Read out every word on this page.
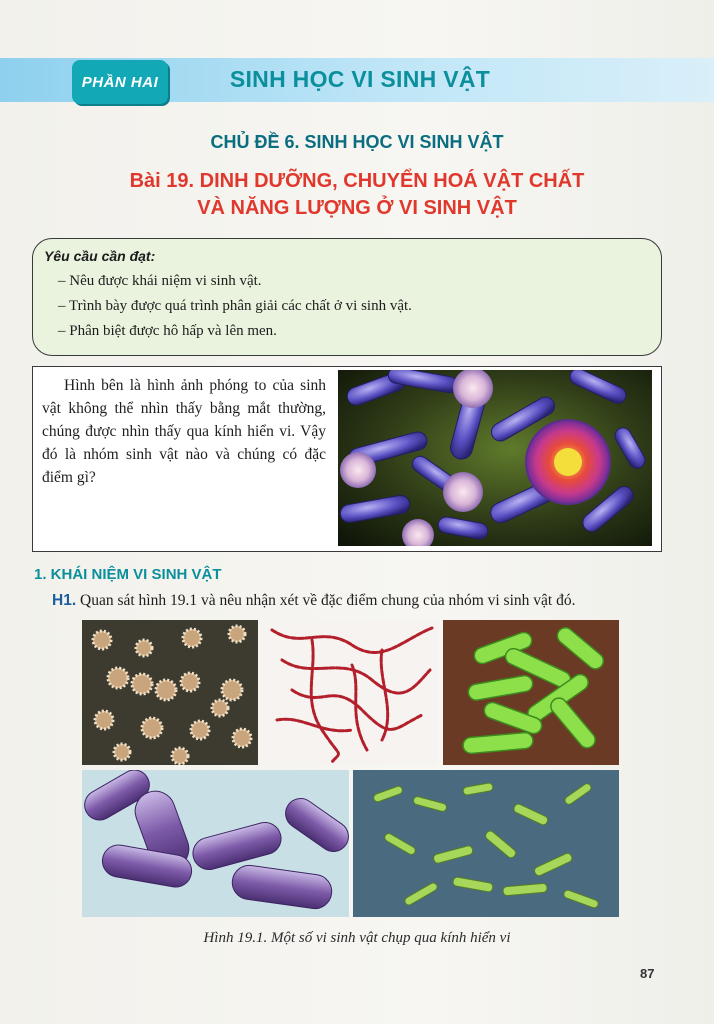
PHẦN HAI	SINH HỌC VI SINH VẬT
CHỦ ĐỀ 6. SINH HỌC VI SINH VẬT
Bài 19. DINH DƯỠNG, CHUYỂN HOÁ VẬT CHẤT
VÀ NĂNG LƯỢNG Ở VI SINH VẬT
Yêu cầu cần đạt:
– Nêu được khái niệm vi sinh vật.
– Trình bày được quá trình phân giải các chất ở vi sinh vật.
– Phân biệt được hô hấp và lên men.
Hình bên là hình ảnh phóng to của sinh vật không thể nhìn thấy bằng mắt thường, chúng được nhìn thấy qua kính hiển vi. Vậy đó là nhóm sinh vật nào và chúng có đặc điểm gì?
1. KHÁI NIỆM VI SINH VẬT
H1. Quan sát hình 19.1 và nêu nhận xét về đặc điểm chung của nhóm vi sinh vật đó.
Hình 19.1. Một số vi sinh vật chụp qua kính hiển vi
87
